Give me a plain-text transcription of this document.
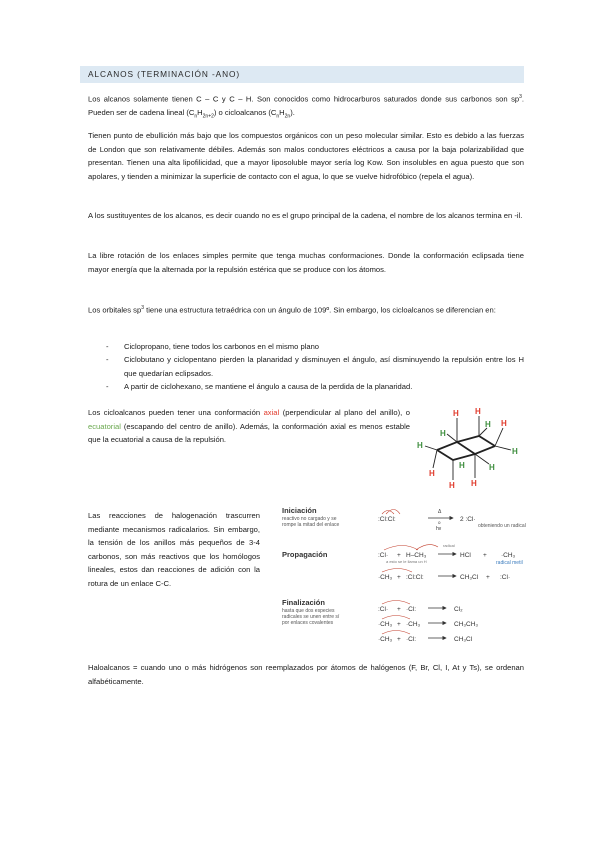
ALCANOS (TERMINACIÓN -ANO)

Los alcanos solamente tienen C – C y C – H. Son conocidos como hidrocarburos saturados donde sus carbonos son $sp^3$. Pueden ser de cadena lineal $(C_nH_{2n+2})$ o cicloalcanos $(C_nH_{2n})$.

Tienen punto de ebullición más bajo que los compuestos orgánicos con un peso molecular similar. Esto es debido a las fuerzas de London que son relativamente débiles. Además son malos conductores eléctricos a causa por la baja polarizabilidad que presentan. Tienen una alta lipofilicidad, que a mayor liposoluble mayor sería log Kow. Son insolubles en agua puesto que son apolares, y tienden a minimizar la superficie de contacto con el agua, lo que se vuelve hidrofóbico (repela el agua).

A los sustituyentes de los alcanos, es decir cuando no es el grupo principal de la cadena, el nombre de los alcanos termina en -il.

La libre rotación de los enlaces simples permite que tenga muchas conformaciones. Donde la conformación eclipsada tiene mayor energía que la alternada por la repulsión estérica que se produce con los átomos.

Los orbitales $sp^3$ tiene una estructura tetraédrica con un ángulo de 109º. Sin embargo, los cicloalcanos se diferencian en:

- Ciclopropano, tiene todos los carbonos en el mismo plano
- Ciclobutano y ciclopentano pierden la planaridad y disminuyen el ángulo, así disminuyendo la repulsión entre los H que quedarían eclipsados.
- A partir de ciclohexano, se mantiene el ángulo a causa de la perdida de la planaridad.

Los cicloalcanos pueden tener una conformación axial (perpendicular al plano del anillo), o ecuatorial (escapando del centro de anillo). Además, la conformación axial es menos estable que la ecuatorial a causa de la repulsión.

H H
H
H
H H
H
H
H
H
H
H

Las reacciones de halogenación trascurren mediante mecanismos radicalarios. Sin embargo, la tensión de los anillos más pequeños de 3-4 carbonos, son más reactivos que los homólogos lineales, estos dan reacciones de adición con la rotura de un enlace C-C.

Iniciación
reactivo no cargado y se
rompe la mitad del enlace
:Cl:Cl:
Δ
o
hν
2 :Cl·
obteniendo un radical
Propagación
radical
a esto se le llama un H
:Cl· + H–CH₃	HCl + ·CH₃
radical metil
·CH₃ + :Cl:Cl:	CH₃Cl + :Cl·
Finalización
hasta que dos especies
radicales se unen entre sí
por enlaces covalentes
:Cl· + ·Cl:	Cl₂
·CH₃ + ·CH₃	CH₃CH₃
·CH₃ + ·Cl:	CH₃Cl

Haloalcanos = cuando uno o más hidrógenos son reemplazados por átomos de halógenos (F, Br, Cl, I, At y Ts), se ordenan alfabéticamente.
